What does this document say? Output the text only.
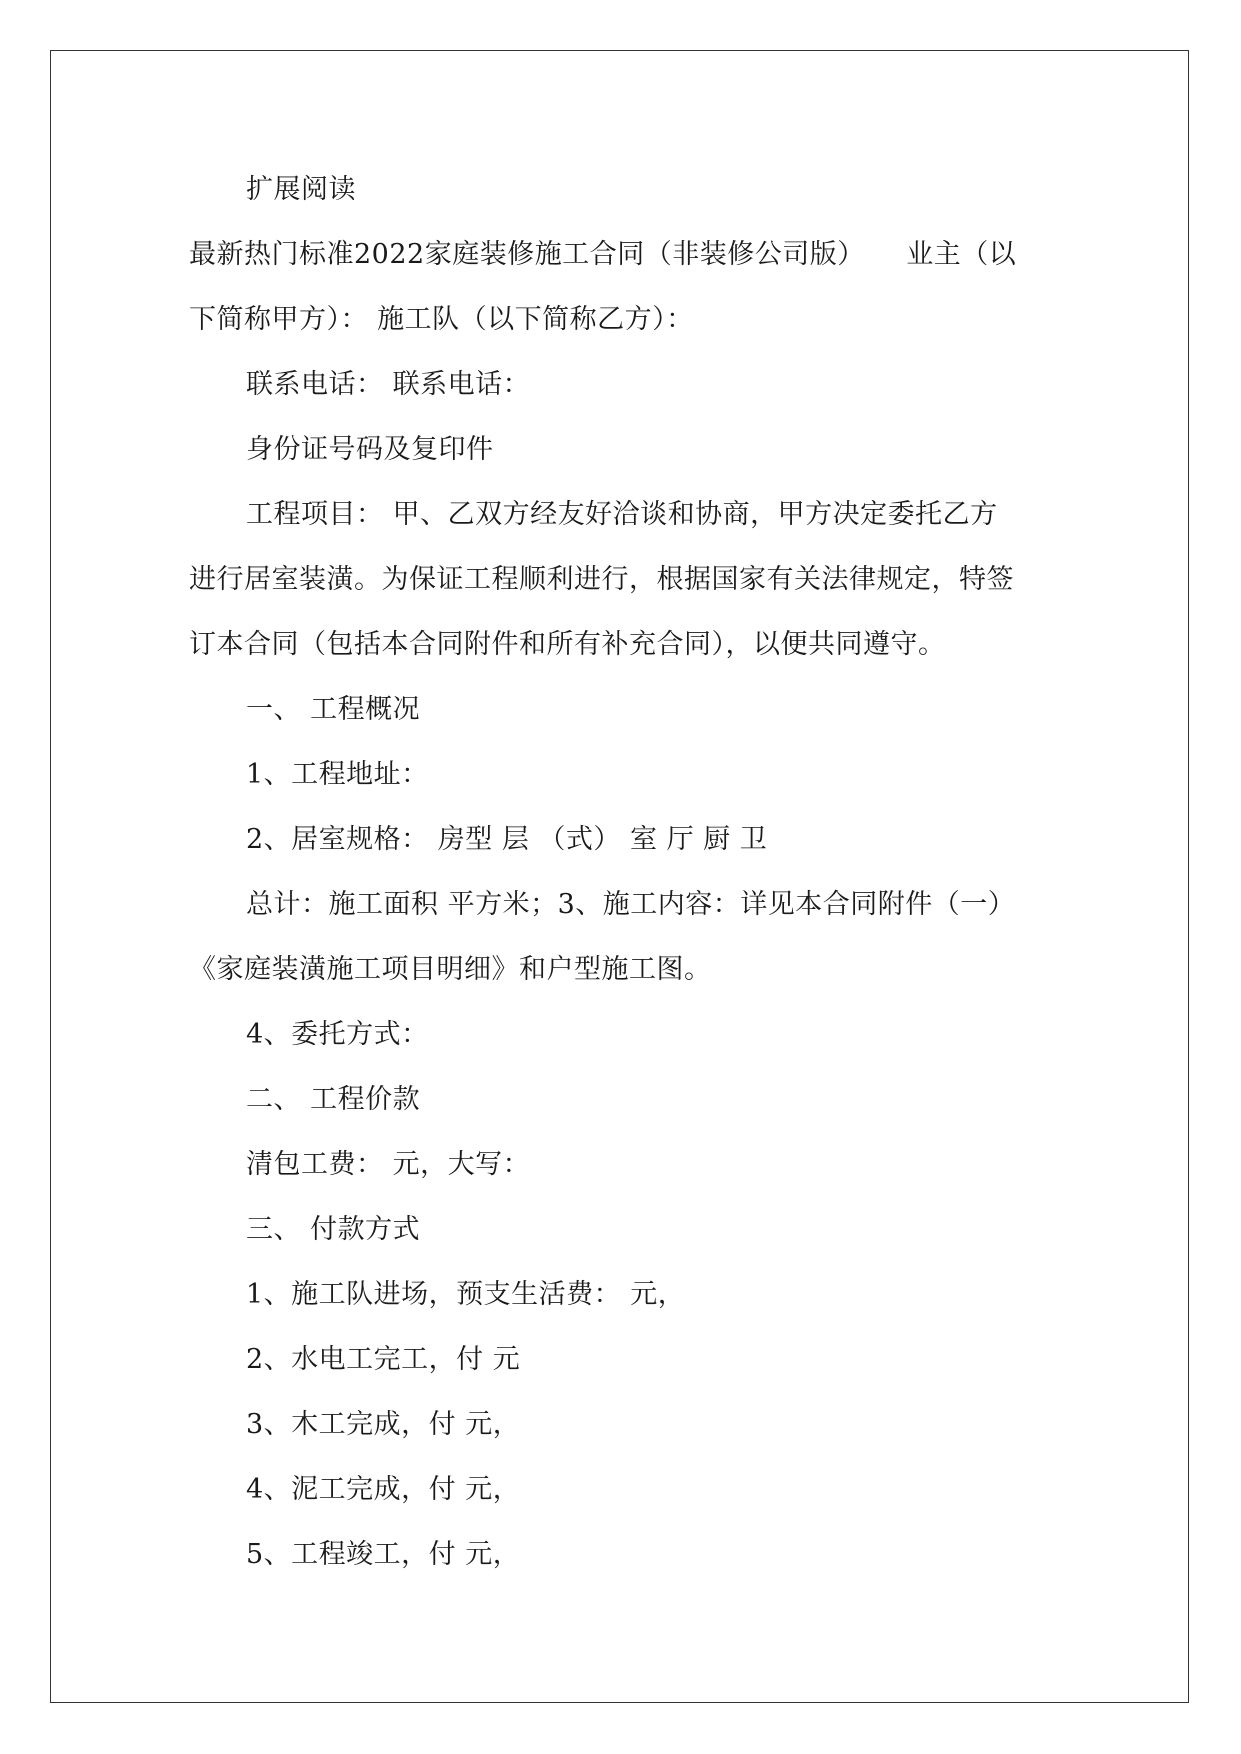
扩展阅读
最新热门标准2022家庭装修施工合同（非装修公司版）　　业主（以
下简称甲方）： 施工队（以下简称乙方）：
联系电话： 联系电话：
身份证号码及复印件
工程项目： 甲、乙双方经友好洽谈和协商，甲方决定委托乙方
进行居室装潢。为保证工程顺利进行，根据国家有关法律规定，特签
订本合同（包括本合同附件和所有补充合同），以便共同遵守。
一、 工程概况
1、工程地址：
2、居室规格： 房型 层 （式） 室 厅 厨 卫
总计：施工面积 平方米；3、施工内容：详见本合同附件（一）
《家庭装潢施工项目明细》和户型施工图。
4、委托方式：
二、 工程价款
清包工费： 元，大写：
三、 付款方式
1、施工队进场，预支生活费： 元，
2、水电工完工，付 元
3、木工完成，付 元，
4、泥工完成，付 元，
5、工程竣工，付 元，
